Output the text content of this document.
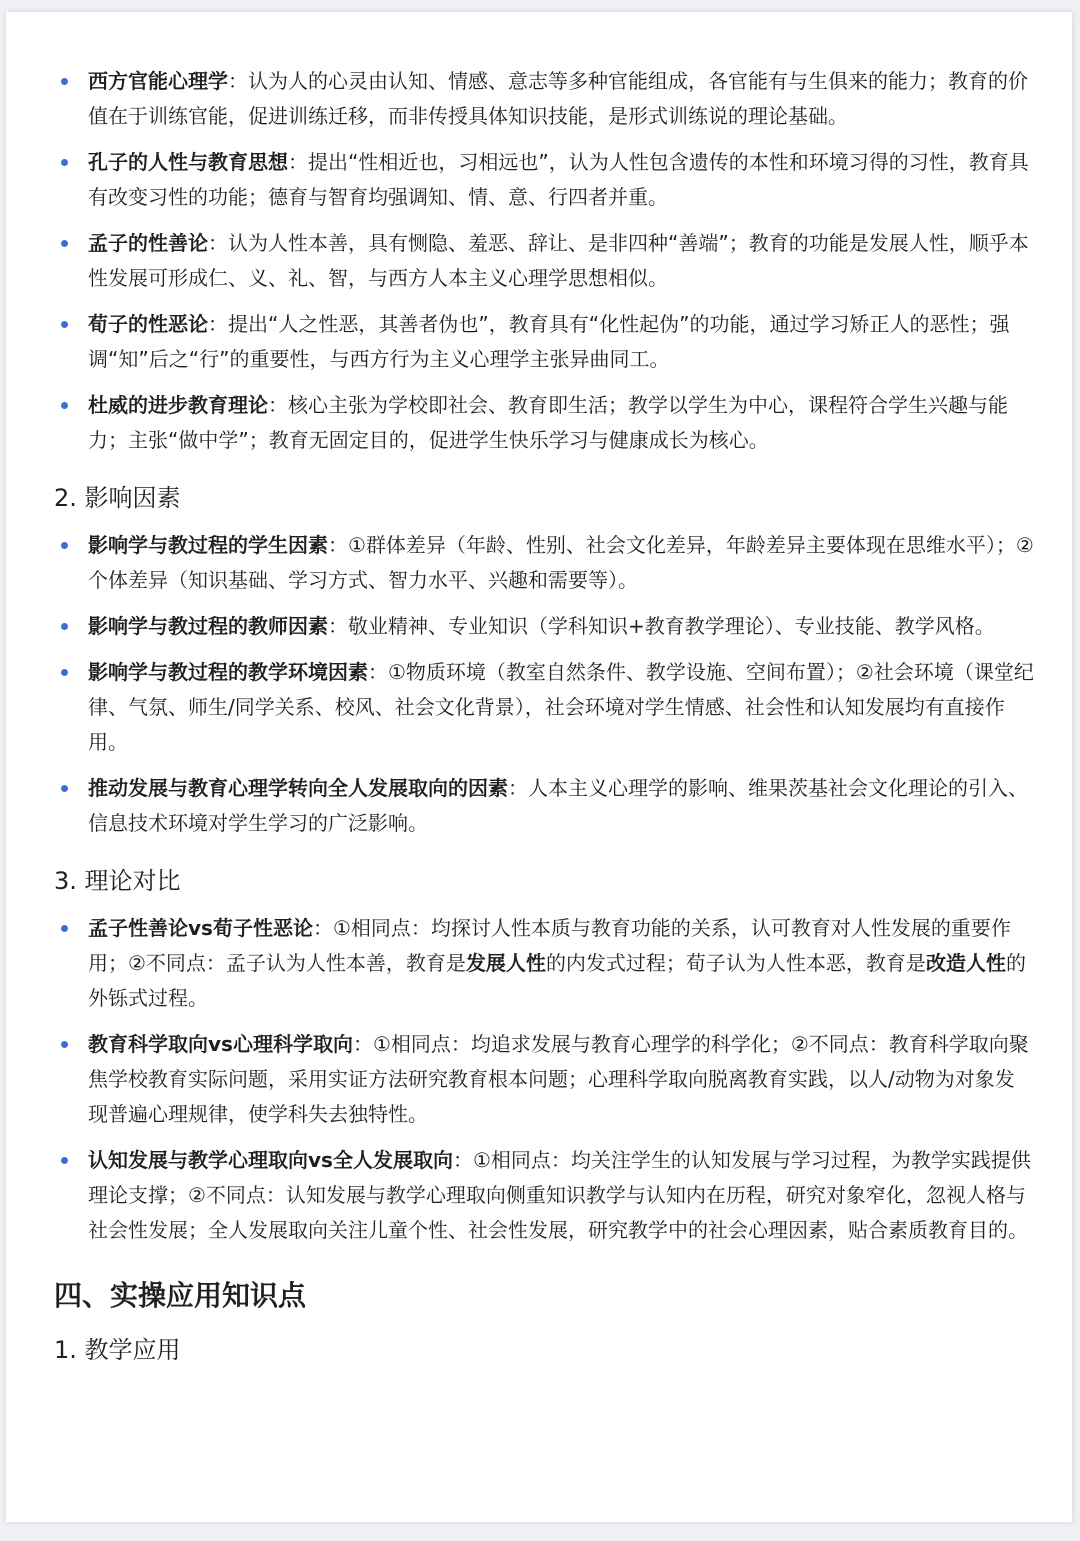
西方官能心理学：认为人的心灵由认知、情感、意志等多种官能组成，各官能有与生俱来的能力；教育的价值在于训练官能，促进训练迁移，而非传授具体知识技能，是形式训练说的理论基础。
孔子的人性与教育思想：提出“性相近也，习相远也”，认为人性包含遗传的本性和环境习得的习性，教育具有改变习性的功能；德育与智育均强调知、情、意、行四者并重。
孟子的性善论：认为人性本善，具有恻隐、羞恶、辞让、是非四种“善端”；教育的功能是发展人性，顺乎本性发展可形成仁、义、礼、智，与西方人本主义心理学思想相似。
荀子的性恶论：提出“人之性恶，其善者伪也”，教育具有“化性起伪”的功能，通过学习矫正人的恶性；强调“知”后之“行”的重要性，与西方行为主义心理学主张异曲同工。
杜威的进步教育理论：核心主张为学校即社会、教育即生活；教学以学生为中心，课程符合学生兴趣与能力；主张“做中学”；教育无固定目的，促进学生快乐学习与健康成长为核心。
2. 影响因素
影响学与教过程的学生因素：①群体差异（年龄、性别、社会文化差异，年龄差异主要体现在思维水平）；②个体差异（知识基础、学习方式、智力水平、兴趣和需要等）。
影响学与教过程的教师因素：敬业精神、专业知识（学科知识+教育教学理论）、专业技能、教学风格。
影响学与教过程的教学环境因素：①物质环境（教室自然条件、教学设施、空间布置）；②社会环境（课堂纪律、气氛、师生/同学关系、校风、社会文化背景），社会环境对学生情感、社会性和认知发展均有直接作用。
推动发展与教育心理学转向全人发展取向的因素：人本主义心理学的影响、维果茨基社会文化理论的引入、信息技术环境对学生学习的广泛影响。
3. 理论对比
孟子性善论vs荀子性恶论：①相同点：均探讨人性本质与教育功能的关系，认可教育对人性发展的重要作用；②不同点：孟子认为人性本善，教育是发展人性的内发式过程；荀子认为人性本恶，教育是改造人性的外铄式过程。
教育科学取向vs心理科学取向：①相同点：均追求发展与教育心理学的科学化；②不同点：教育科学取向聚焦学校教育实际问题，采用实证方法研究教育根本问题；心理科学取向脱离教育实践，以人/动物为对象发现普遍心理规律，使学科失去独特性。
认知发展与教学心理取向vs全人发展取向：①相同点：均关注学生的认知发展与学习过程，为教学实践提供理论支撑；②不同点：认知发展与教学心理取向侧重知识教学与认知内在历程，研究对象窄化，忽视人格与社会性发展；全人发展取向关注儿童个性、社会性发展，研究教学中的社会心理因素，贴合素质教育目的。
四、实操应用知识点
1. 教学应用
